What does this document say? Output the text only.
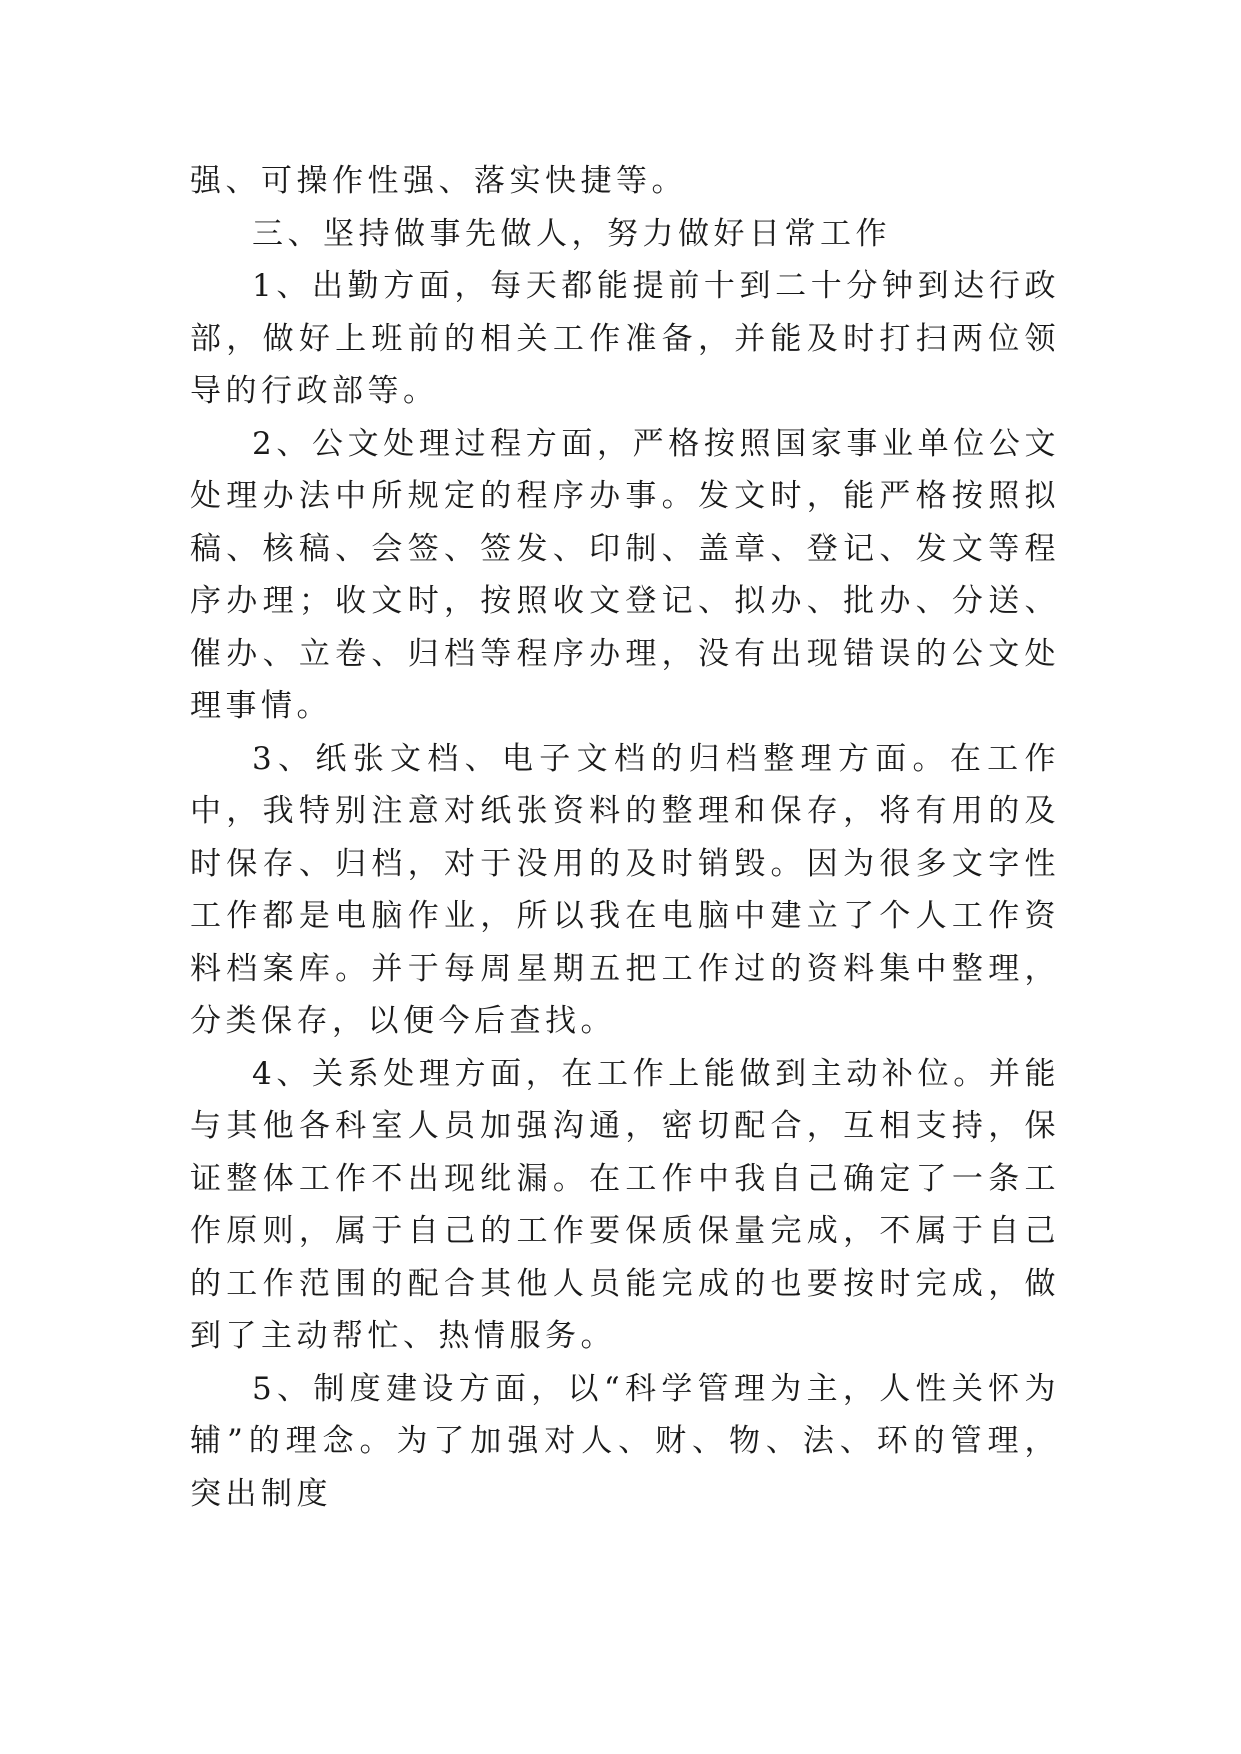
强、可操作性强、落实快捷等。

三、坚持做事先做人，努力做好日常工作

1、出勤方面，每天都能提前十到二十分钟到达行政部，做好上班前的相关工作准备，并能及时打扫两位领导的行政部等。

2、公文处理过程方面，严格按照国家事业单位公文处理办法中所规定的程序办事。发文时，能严格按照拟稿、核稿、会签、签发、印制、盖章、登记、发文等程序办理；收文时，按照收文登记、拟办、批办、分送、催办、立卷、归档等程序办理，没有出现错误的公文处理事情。

3、纸张文档、电子文档的归档整理方面。在工作中，我特别注意对纸张资料的整理和保存，将有用的及时保存、归档，对于没用的及时销毁。因为很多文字性工作都是电脑作业，所以我在电脑中建立了个人工作资料档案库。并于每周星期五把工作过的资料集中整理，分类保存，以便今后查找。

4、关系处理方面，在工作上能做到主动补位。并能与其他各科室人员加强沟通，密切配合，互相支持，保证整体工作不出现纰漏。在工作中我自己确定了一条工作原则，属于自己的工作要保质保量完成，不属于自己的工作范围的配合其他人员能完成的也要按时完成，做到了主动帮忙、热情服务。

5、制度建设方面，以“科学管理为主，人性关怀为辅”的理念。为了加强对人、财、物、法、环的管理，突出制度
